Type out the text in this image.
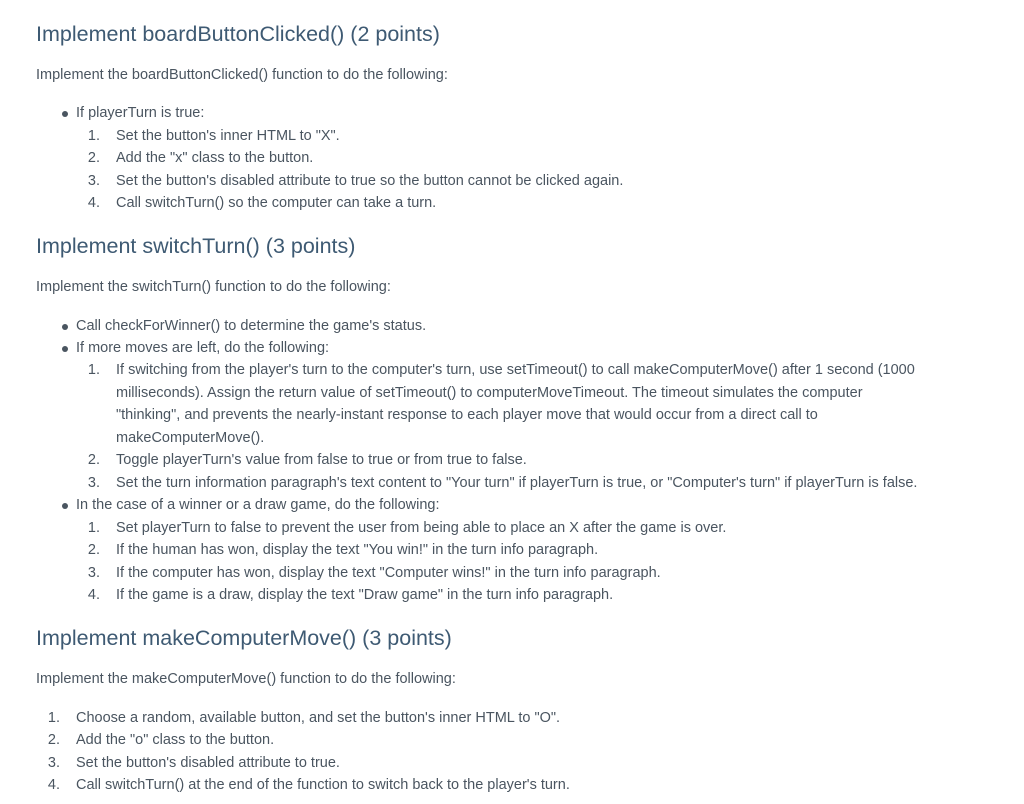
Implement boardButtonClicked() (2 points)

Implement the boardButtonClicked() function to do the following:

If playerTurn is true:
1. Set the button's inner HTML to "X".
2. Add the "x" class to the button.
3. Set the button's disabled attribute to true so the button cannot be clicked again.
4. Call switchTurn() so the computer can take a turn.
Implement switchTurn() (3 points)

Implement the switchTurn() function to do the following:

Call checkForWinner() to determine the game's status.
If more moves are left, do the following:
1. If switching from the player's turn to the computer's turn, use setTimeout() to call makeComputerMove() after 1 second (1000
milliseconds). Assign the return value of setTimeout() to computerMoveTimeout. The timeout simulates the computer
"thinking", and prevents the nearly-instant response to each player move that would occur from a direct call to
makeComputerMove().
2. Toggle playerTurn's value from false to true or from true to false.
3. Set the turn information paragraph's text content to "Your turn" if playerTurn is true, or "Computer's turn" if playerTurn is false.
In the case of a winner or a draw game, do the following:
1. Set playerTurn to false to prevent the user from being able to place an X after the game is over.
2. If the human has won, display the text "You win!" in the turn info paragraph.
3. If the computer has won, display the text "Computer wins!" in the turn info paragraph.
4. If the game is a draw, display the text "Draw game" in the turn info paragraph.
Implement makeComputerMove() (3 points)

Implement the makeComputerMove() function to do the following:

1. Choose a random, available button, and set the button's inner HTML to "O".
2. Add the "o" class to the button.
3. Set the button's disabled attribute to true.
4. Call switchTurn() at the end of the function to switch back to the player's turn.
